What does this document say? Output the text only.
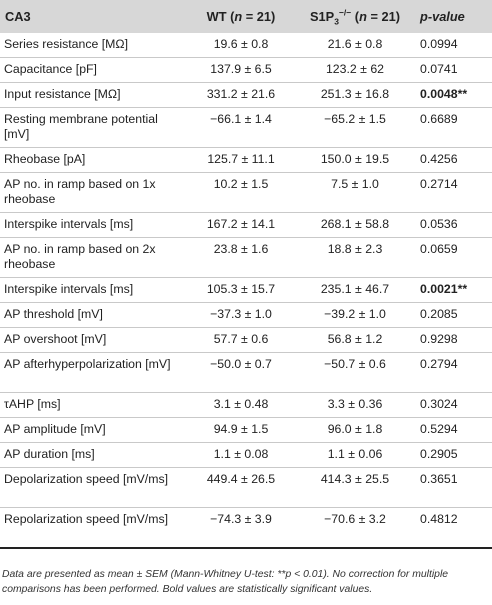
CA3	WT (n = 21)	$S1P_3^{-/-}$ (n = 21)	p-value
Series resistance [MΩ]	19.6 ± 0.8	21.6 ± 0.8	0.0994
Capacitance [pF]	137.9 ± 6.5	123.2 ± 62	0.0741
Input resistance [MΩ]	331.2 ± 21.6	251.3 ± 16.8	0.0048**
Resting membrane potential [mV]	−66.1 ± 1.4	−65.2 ± 1.5	0.6689
Rheobase [pA]	125.7 ± 11.1	150.0 ± 19.5	0.4256
AP no. in ramp based on 1x rheobase	10.2 ± 1.5	7.5 ± 1.0	0.2714
Interspike intervals [ms]	167.2 ± 14.1	268.1 ± 58.8	0.0536
AP no. in ramp based on 2x rheobase	23.8 ± 1.6	18.8 ± 2.3	0.0659
Interspike intervals [ms]	105.3 ± 15.7	235.1 ± 46.7	0.0021**
AP threshold [mV]	−37.3 ± 1.0	−39.2 ± 1.0	0.2085
AP overshoot [mV]	57.7 ± 0.6	56.8 ± 1.2	0.9298
AP afterhyperpolarization [mV]	−50.0 ± 0.7	−50.7 ± 0.6	0.2794
τAHP [ms]	3.1 ± 0.48	3.3 ± 0.36	0.3024
AP amplitude [mV]	94.9 ± 1.5	96.0 ± 1.8	0.5294
AP duration [ms]	1.1 ± 0.08	1.1 ± 0.06	0.2905
Depolarization speed [mV/ms]	449.4 ± 26.5	414.3 ± 25.5	0.3651
Repolarization speed [mV/ms]	−74.3 ± 3.9	−70.6 ± 3.2	0.4812
Data are presented as mean ± SEM (Mann-Whitney U-test: **p < 0.01). No correction for multiple comparisons has been performed. Bold values are statistically significant values.
